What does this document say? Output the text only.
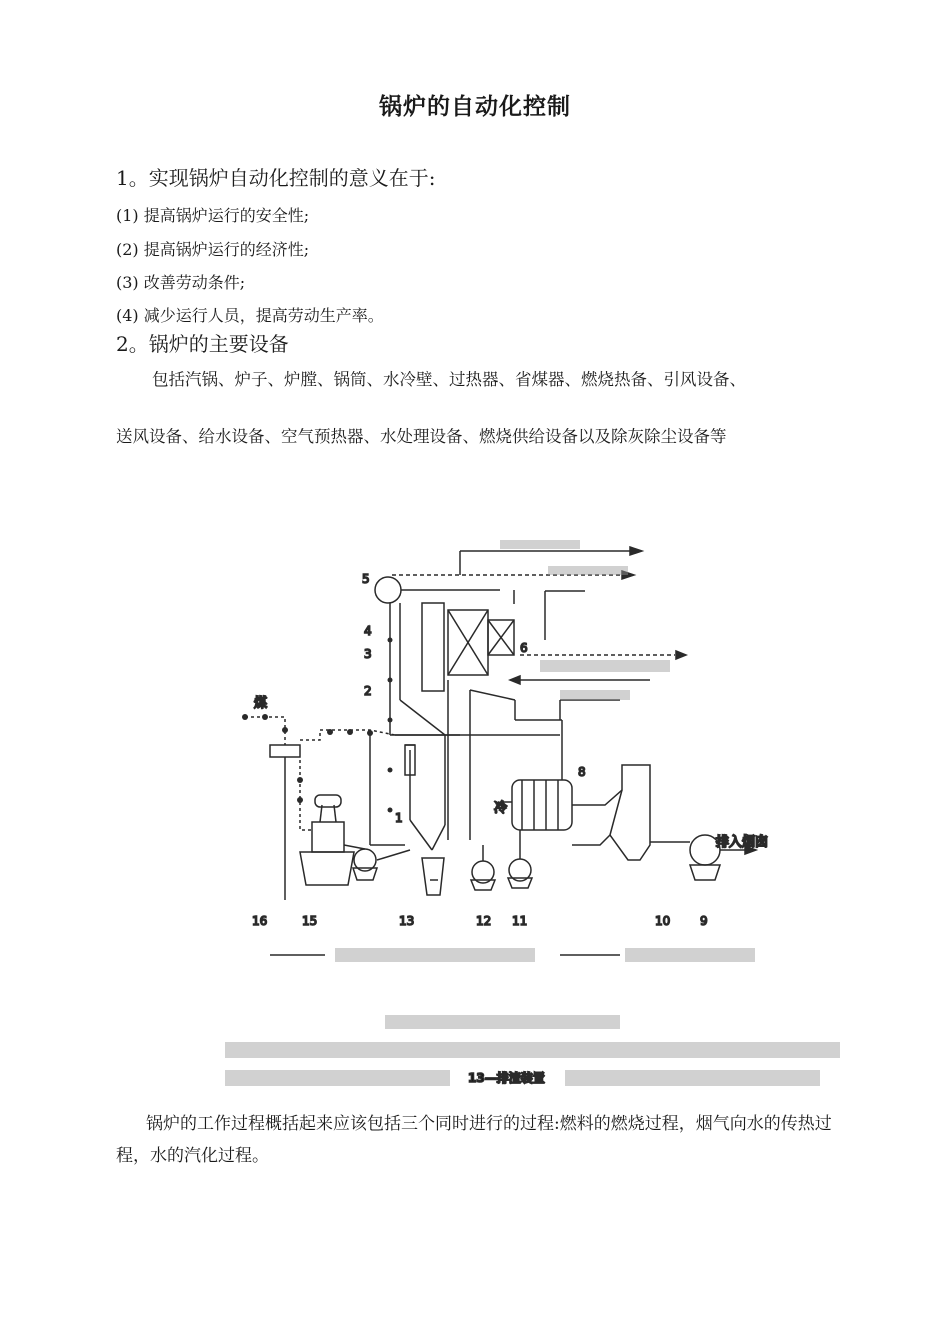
锅炉的自动化控制

1。实现锅炉自动化控制的意义在于:

(1) 提高锅炉运行的安全性;

(2) 提高锅炉运行的经济性;

(3) 改善劳动条件;

(4) 减少运行人员，提高劳动生产率。

2。锅炉的主要设备

包括汽锅、炉子、炉膛、锅筒、水冷壁、过热器、省煤器、燃烧热备、引风设备、

送风设备、给水设备、空气预热器、水处理设备、燃烧供给设备以及除灰除尘设备等

煤
冷
排入烟囱
13—排渣装置
1
2
3
4
5
6
8
9
10
11
12
13
15
16

锅炉的工作过程概括起来应该包括三个同时进行的过程:燃料的燃烧过程，烟气向水的传热过程，水的汽化过程。
